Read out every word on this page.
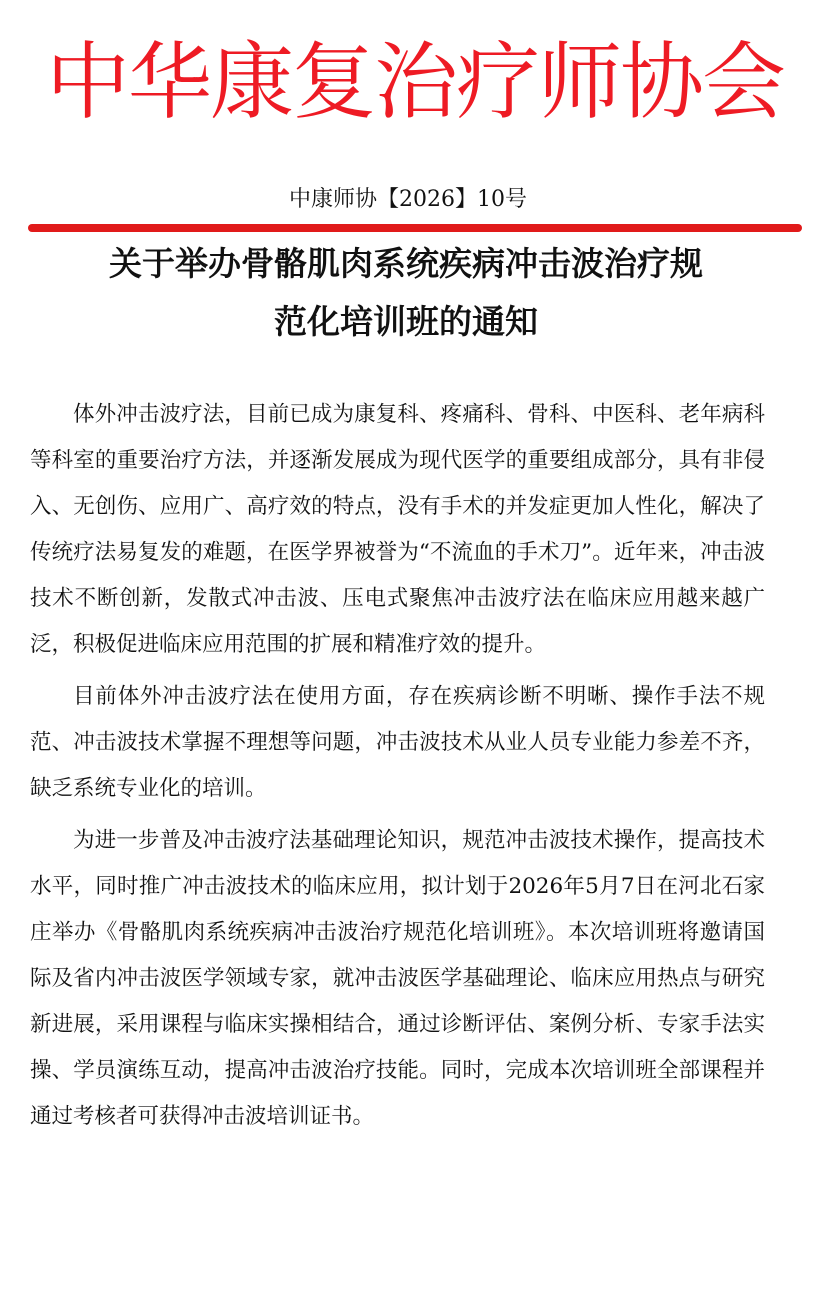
中华康复治疗师协会
中康师协【2026】10号
关于举办骨骼肌肉系统疾病冲击波治疗规
范化培训班的通知

体外冲击波疗法，目前已成为康复科、疼痛科、骨科、中医科、老年病科等科室的重要治疗方法，并逐渐发展成为现代医学的重要组成部分，具有非侵入、无创伤、应用广、高疗效的特点，没有手术的并发症更加人性化，解决了传统疗法易复发的难题，在医学界被誉为“不流血的手术刀”。近年来，冲击波技术不断创新，发散式冲击波、压电式聚焦冲击波疗法在临床应用越来越广泛，积极促进临床应用范围的扩展和精准疗效的提升。

目前体外冲击波疗法在使用方面，存在疾病诊断不明晰、操作手法不规范、冲击波技术掌握不理想等问题，冲击波技术从业人员专业能力参差不齐，缺乏系统专业化的培训。

为进一步普及冲击波疗法基础理论知识，规范冲击波技术操作，提高技术水平，同时推广冲击波技术的临床应用，拟计划于2026年5月7日在河北石家庄举办《骨骼肌肉系统疾病冲击波治疗规范化培训班》。本次培训班将邀请国际及省内冲击波医学领域专家，就冲击波医学基础理论、临床应用热点与研究新进展，采用课程与临床实操相结合，通过诊断评估、案例分析、专家手法实操、学员演练互动，提高冲击波治疗技能。同时，完成本次培训班全部课程并通过考核者可获得冲击波培训证书。
